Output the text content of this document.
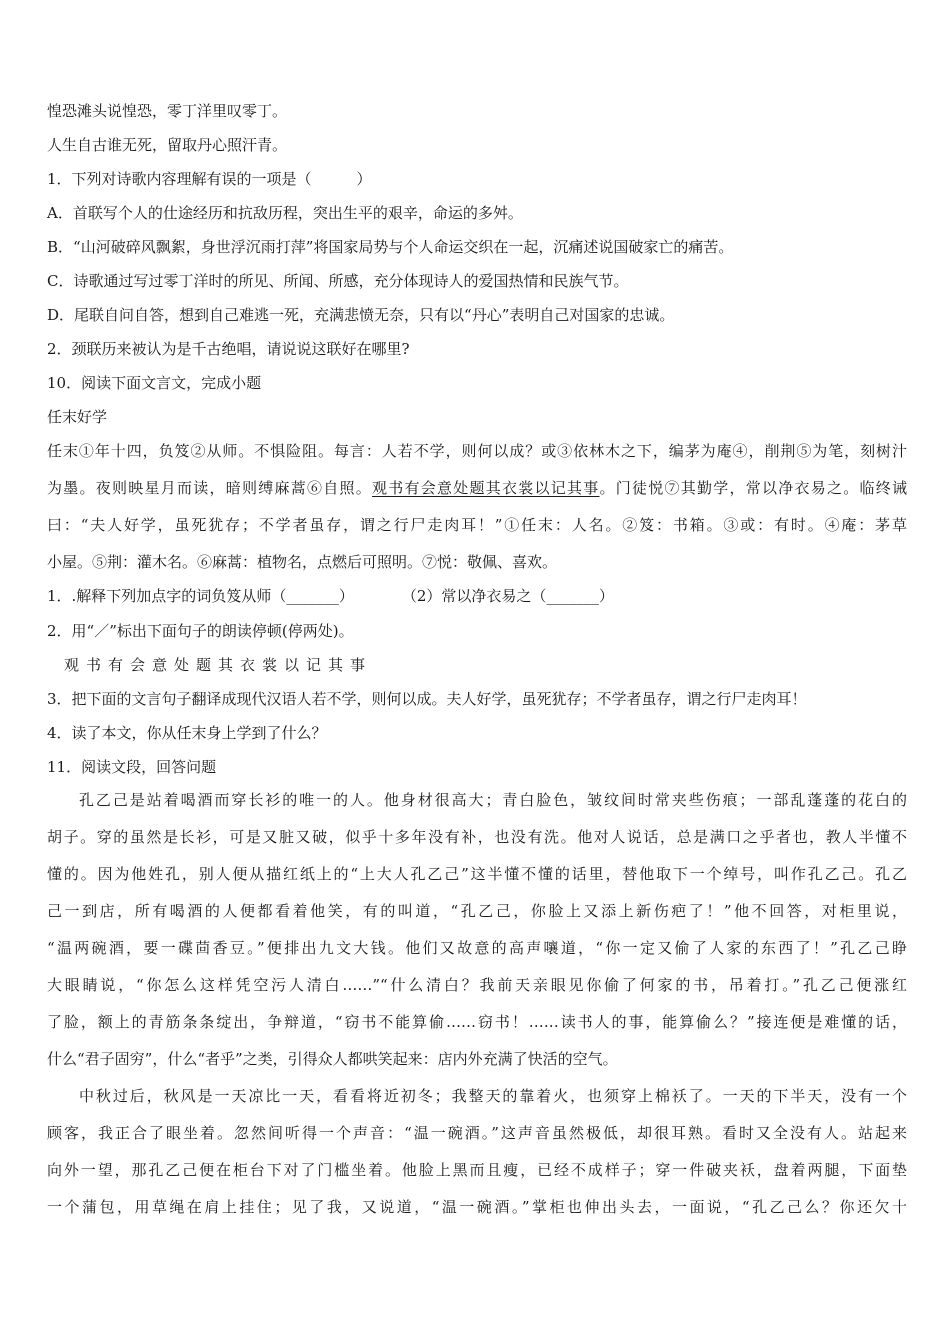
惶恐滩头说惶恐，零丁洋里叹零丁。
人生自古谁无死，留取丹心照汗青。
1．下列对诗歌内容理解有误的一项是（　　　）
A．首联写个人的仕途经历和抗敌历程，突出生平的艰辛，命运的多舛。
B．“山河破碎风飘絮，身世浮沉雨打萍”将国家局势与个人命运交织在一起，沉痛述说国破家亡的痛苦。
C．诗歌通过写过零丁洋时的所见、所闻、所感，充分体现诗人的爱国热情和民族气节。
D．尾联自问自答，想到自己难逃一死，充满悲愤无奈，只有以“丹心”表明自己对国家的忠诚。
2．颈联历来被认为是千古绝唱，请说说这联好在哪里?
10．阅读下面文言文，完成小题
任末好学
任末①年十四，负笈②从师。不惧险阻。每言：人若不学，则何以成？或③依林木之下，编茅为庵④，削荆⑤为笔，刻树汁
为墨。夜则映星月而读，暗则缚麻蒿⑥自照。观书有会意处题其衣裳以记其事。门徒悦⑦其勤学，常以净衣易之。临终诫
曰：“夫人好学，虽死犹存；不学者虽存，谓之行尸走肉耳！”①任末：人名。②笈：书箱。③或：有时。④庵：茅草
小屋。⑤荆：灌木名。⑥麻蒿：植物名，点燃后可照明。⑦悦：敬佩、喜欢。
1．.解释下列加点字的词负笈从师（_______）	（2）常以净衣易之（_______）
2．用“／”标出下面句子的朗读停顿(停两处)。
观书有会意处题其衣裳以记其事
3．把下面的文言句子翻译成现代汉语人若不学，则何以成。夫人好学，虽死犹存；不学者虽存，谓之行尸走肉耳！
4．读了本文，你从任末身上学到了什么？
11．阅读文段，回答问题
孔乙己是站着喝酒而穿长衫的唯一的人。他身材很高大；青白脸色，皱纹间时常夹些伤痕；一部乱蓬蓬的花白的
胡子。穿的虽然是长衫，可是又脏又破，似乎十多年没有补，也没有洗。他对人说话，总是满口之乎者也，教人半懂不
懂的。因为他姓孔，别人便从描红纸上的“上大人孔乙己”这半懂不懂的话里，替他取下一个绰号，叫作孔乙己。孔乙
己一到店，所有喝酒的人便都看着他笑，有的叫道，“孔乙己，你脸上又添上新伤疤了！”他不回答，对柜里说，
“温两碗酒，要一碟茴香豆。”便排出九文大钱。他们又故意的高声嚷道，“你一定又偷了人家的东西了！”孔乙己睁
大眼睛说，“你怎么这样凭空污人清白……”“什么清白？我前天亲眼见你偷了何家的书，吊着打。”孔乙己便涨红
了脸，额上的青筋条条绽出，争辩道，“窃书不能算偷……窃书！……读书人的事，能算偷么？”接连便是难懂的话，
什么“君子固穷”，什么“者乎”之类，引得众人都哄笑起来：店内外充满了快活的空气。
中秋过后，秋风是一天凉比一天，看看将近初冬；我整天的靠着火，也须穿上棉袄了。一天的下半天，没有一个
顾客，我正合了眼坐着。忽然间听得一个声音：“温一碗酒。”这声音虽然极低，却很耳熟。看时又全没有人。站起来
向外一望，那孔乙己便在柜台下对了门槛坐着。他脸上黑而且瘦，已经不成样子；穿一件破夹袄，盘着两腿，下面垫
一个蒲包，用草绳在肩上挂住；见了我，又说道，“温一碗酒。”掌柜也伸出头去，一面说，“孔乙己么？你还欠十
